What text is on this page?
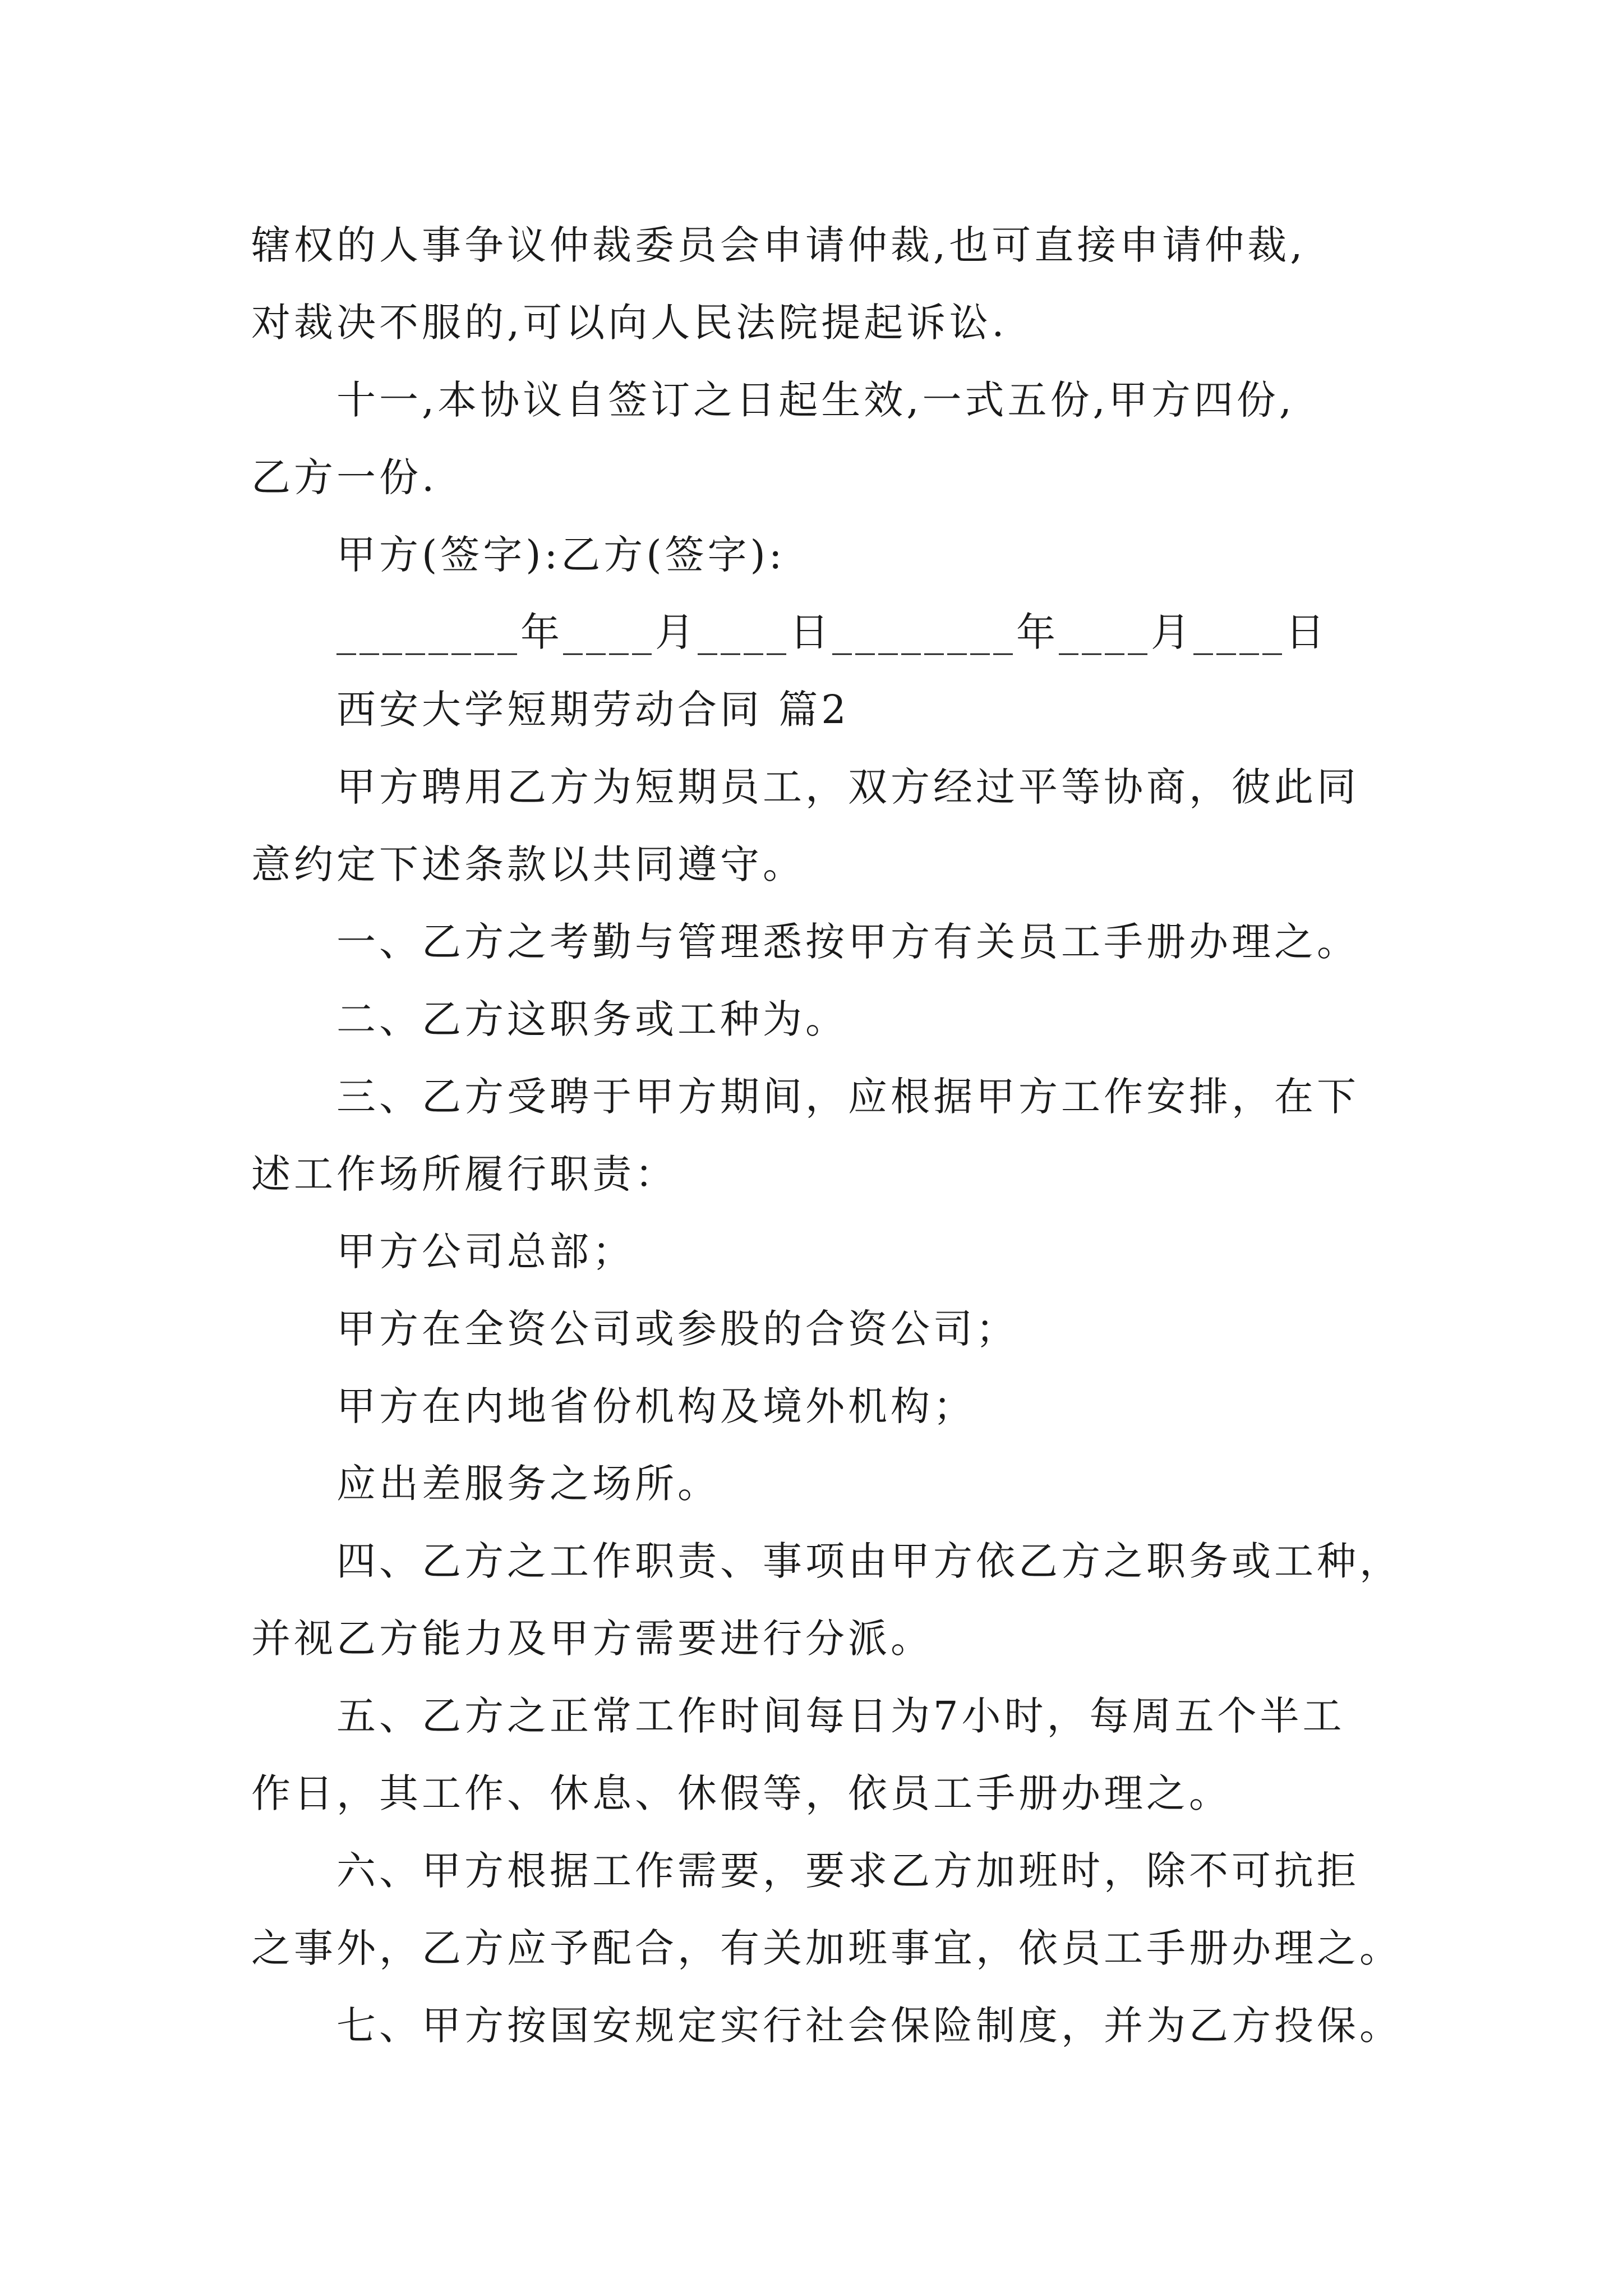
辖权的人事争议仲裁委员会申请仲裁,也可直接申请仲裁,
对裁决不服的,可以向人民法院提起诉讼.
十一,本协议自签订之日起生效,一式五份,甲方四份,
乙方一份.
甲方(签字):乙方(签字):
________年____月____日________年____月____日
西安大学短期劳动合同 篇2
甲方聘用乙方为短期员工，双方经过平等协商，彼此同
意约定下述条款以共同遵守。
一、乙方之考勤与管理悉按甲方有关员工手册办理之。
二、乙方这职务或工种为。
三、乙方受聘于甲方期间，应根据甲方工作安排，在下
述工作场所履行职责：
甲方公司总部；
甲方在全资公司或参股的合资公司；
甲方在内地省份机构及境外机构；
应出差服务之场所。
四、乙方之工作职责、事项由甲方依乙方之职务或工种，
并视乙方能力及甲方需要进行分派。
五、乙方之正常工作时间每日为7小时，每周五个半工
作日，其工作、休息、休假等，依员工手册办理之。
六、甲方根据工作需要，要求乙方加班时，除不可抗拒
之事外，乙方应予配合，有关加班事宜，依员工手册办理之。
七、甲方按国安规定实行社会保险制度，并为乙方投保。
